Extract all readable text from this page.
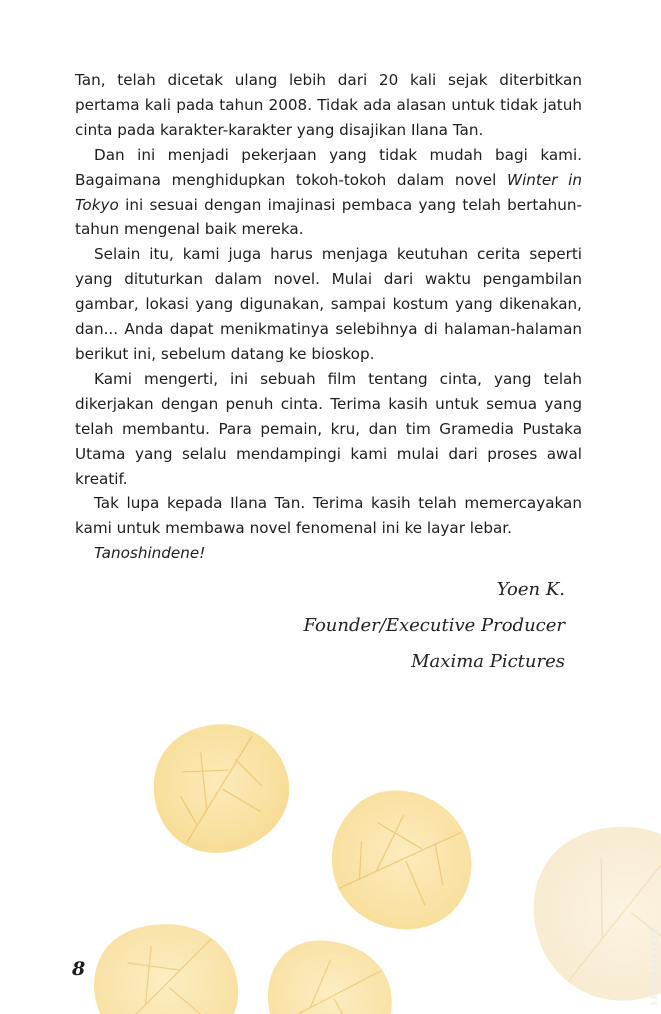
Tan, telah dicetak ulang lebih dari 20 kali sejak diterbitkan pertama kali pada tahun 2008. Tidak ada alasan untuk tidak jatuh cinta pada karakter-karakter yang disajikan Ilana Tan.

Dan ini menjadi pekerjaan yang tidak mudah bagi kami. Bagaimana menghidupkan tokoh-tokoh dalam novel Winter in Tokyo ini sesuai dengan imajinasi pembaca yang telah bertahun-tahun mengenal baik mereka.

Selain itu, kami juga harus menjaga keutuhan cerita seperti yang dituturkan dalam novel. Mulai dari waktu pengambilan gambar, lokasi yang digunakan, sampai kostum yang dikenakan, dan... Anda dapat menikmatinya selebihnya di halaman-halaman berikut ini, sebelum datang ke bioskop.

Kami mengerti, ini sebuah film tentang cinta, yang telah dikerjakan dengan penuh cinta. Terima kasih untuk semua yang telah membantu. Para pemain, kru, dan tim Gramedia Pustaka Utama yang selalu mendampingi kami mulai dari proses awal kreatif.

Tak lupa kepada Ilana Tan. Terima kasih telah memercayakan kami untuk membawa novel fenomenal ini ke layar lebar.

Tanoshindene!

Yoen K.
Founder/Executive Producer
Maxima Pictures
8
